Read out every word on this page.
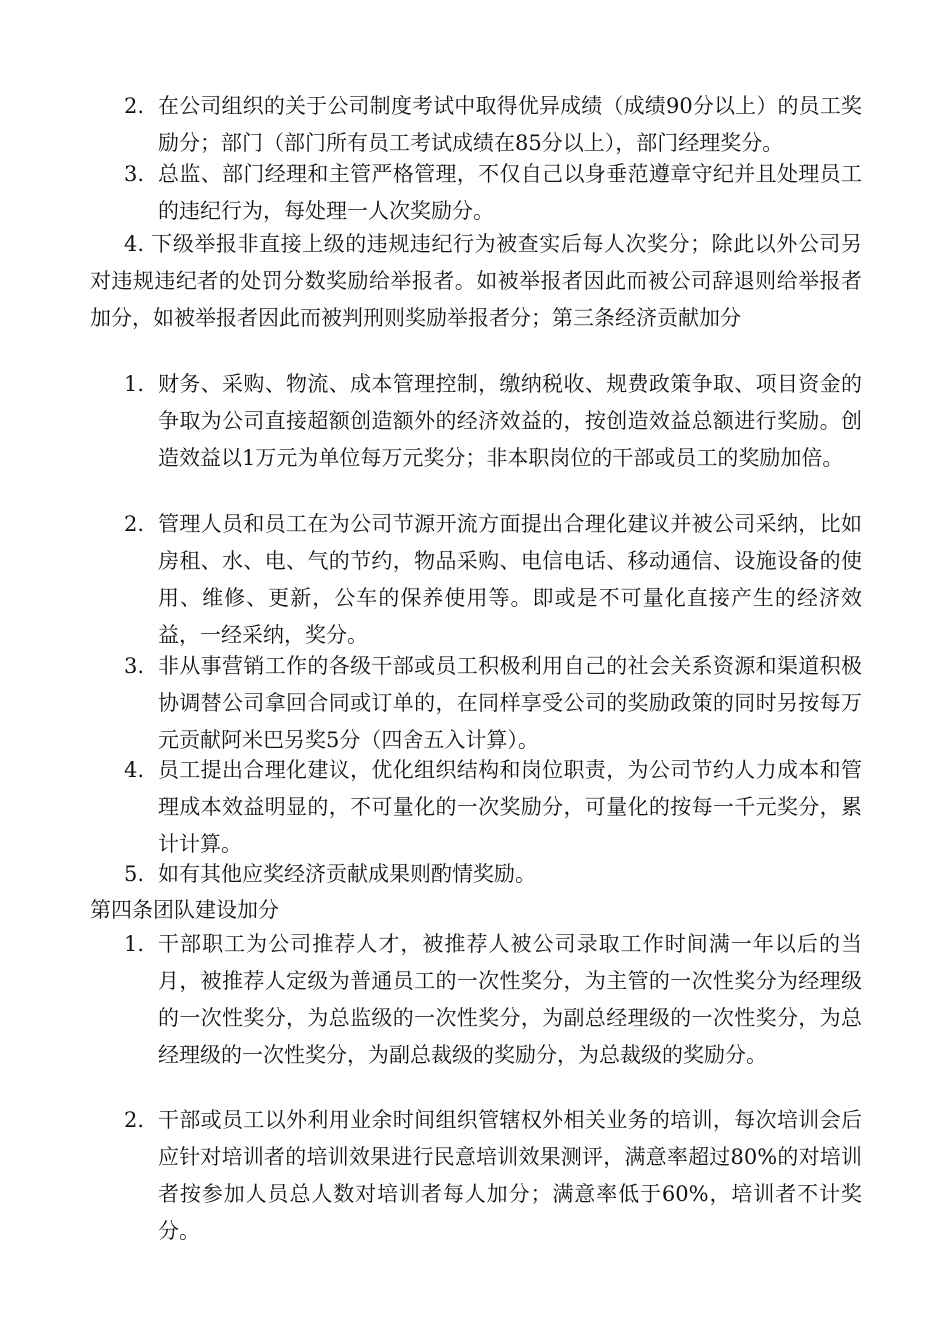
2. 在公司组织的关于公司制度考试中取得优异成绩（成绩90分以上）的员工奖励分；部门（部门所有员工考试成绩在85分以上），部门经理奖分。
3. 总监、部门经理和主管严格管理，不仅自己以身垂范遵章守纪并且处理员工的违纪行为，每处理一人次奖励分。
4. 下级举报非直接上级的违规违纪行为被查实后每人次奖分；除此以外公司另对违规违纪者的处罚分数奖励给举报者。如被举报者因此而被公司辞退则给举报者加分，如被举报者因此而被判刑则奖励举报者分；第三条经济贡献加分
1. 财务、采购、物流、成本管理控制，缴纳税收、规费政策争取、项目资金的争取为公司直接超额创造额外的经济效益的，按创造效益总额进行奖励。创造效益以1万元为单位每万元奖分；非本职岗位的干部或员工的奖励加倍。
2. 管理人员和员工在为公司节源开流方面提出合理化建议并被公司采纳，比如房租、水、电、气的节约，物品采购、电信电话、移动通信、设施设备的使用、维修、更新，公车的保养使用等。即或是不可量化直接产生的经济效益，一经采纳，奖分。
3. 非从事营销工作的各级干部或员工积极利用自己的社会关系资源和渠道积极协调替公司拿回合同或订单的，在同样享受公司的奖励政策的同时另按每万元贡献阿米巴另奖5分（四舍五入计算）。
4. 员工提出合理化建议，优化组织结构和岗位职责，为公司节约人力成本和管理成本效益明显的，不可量化的一次奖励分，可量化的按每一千元奖分，累计计算。
5. 如有其他应奖经济贡献成果则酌情奖励。
第四条团队建设加分
1. 干部职工为公司推荐人才，被推荐人被公司录取工作时间满一年以后的当月，被推荐人定级为普通员工的一次性奖分，为主管的一次性奖分为经理级的一次性奖分，为总监级的一次性奖分，为副总经理级的一次性奖分，为总经理级的一次性奖分，为副总裁级的奖励分，为总裁级的奖励分。
2. 干部或员工以外利用业余时间组织管辖权外相关业务的培训，每次培训会后应针对培训者的培训效果进行民意培训效果测评，满意率超过80%的对培训者按参加人员总人数对培训者每人加分；满意率低于60%，培训者不计奖分。
